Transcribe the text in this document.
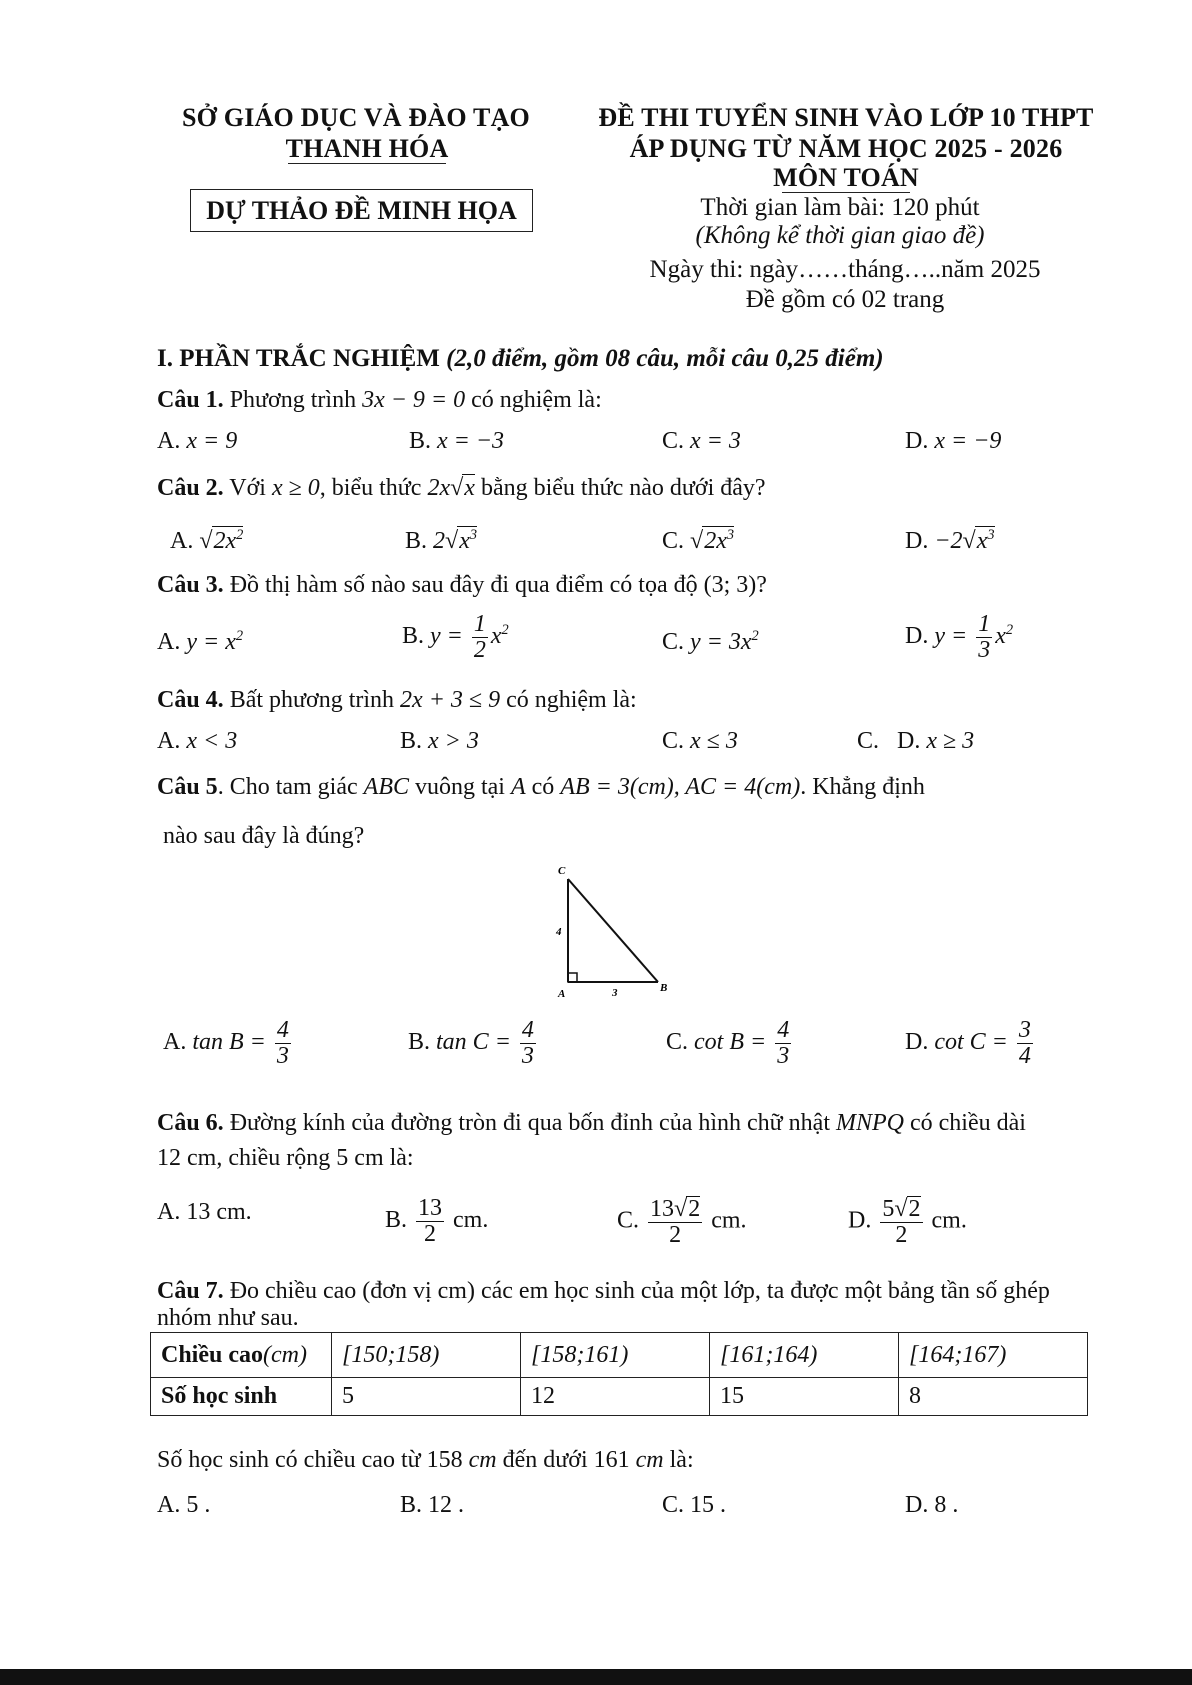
SỞ GIÁO DỤC VÀ ĐÀO TẠO
THANH HÓA
DỰ THẢO ĐỀ MINH HỌA
ĐỀ THI TUYỂN SINH VÀO LỚP 10 THPT
ÁP DỤNG TỪ NĂM HỌC 2025 - 2026
MÔN TOÁN
Thời gian làm bài: 120 phút
(Không kể thời gian giao đề)
Ngày thi: ngày……tháng…..năm 2025
Đề gồm có 02 trang
I. PHẦN TRẮC NGHIỆM (2,0 điểm, gồm 08 câu, mỗi câu 0,25 điểm)
Câu 1. Phương trình 3x − 9 = 0 có nghiệm là:
A. x = 9	B. x = −3	C. x = 3	D. x = −9
Câu 2. Với x ≥ 0, biểu thức 2x√x bằng biểu thức nào dưới đây?
A. $√2x^2$	B. $2√x^3$	C. $√2x^3$	D. $-2√x^3$
Câu 3. Đồ thị hàm số nào sau đây đi qua điểm có tọa độ (3; 3)?
A. $y = x^2$	B. $y = \frac{1}{2} x^2$	C. $y = 3x^2$	D. $y = \frac{1}{3} x^2$
Câu 4. Bất phương trình 2x + 3 ≤ 9 có nghiệm là:
A. x < 3	B. x > 3	C. x ≤ 3	C.   D. x ≥ 3
Câu 5. Cho tam giác ABC vuông tại A có AB = 3(cm), AC = 4(cm). Khẳng định
nào sau đây là đúng?
C
A	B
4
3
A. $\tan B = \frac{4}{3}$	B. $\tan C = \frac{4}{3}$	C. $\cot B = \frac{4}{3}$	D. $\cot C = \frac{3}{4}$
Câu 6. Đường kính của đường tròn đi qua bốn đỉnh của hình chữ nhật MNPQ có chiều dài
12 cm, chiều rộng 5 cm là:
A. 13 cm.	B. $\frac{13}{2}$ cm.	C. $\frac{13√2}{2}$ cm.	D. $\frac{5√2}{2}$ cm.
Câu 7. Đo chiều cao (đơn vị cm) các em học sinh của một lớp, ta được một bảng tần số ghép
nhóm như sau.
Chiều cao(cm)	[150;158)	[158;161)	[161;164)	[164;167)
Số học sinh	5	12	15	8
Số học sinh có chiều cao từ 158 cm đến dưới 161 cm là:
A. 5 .	B. 12 .	C. 15 .	D. 8 .
